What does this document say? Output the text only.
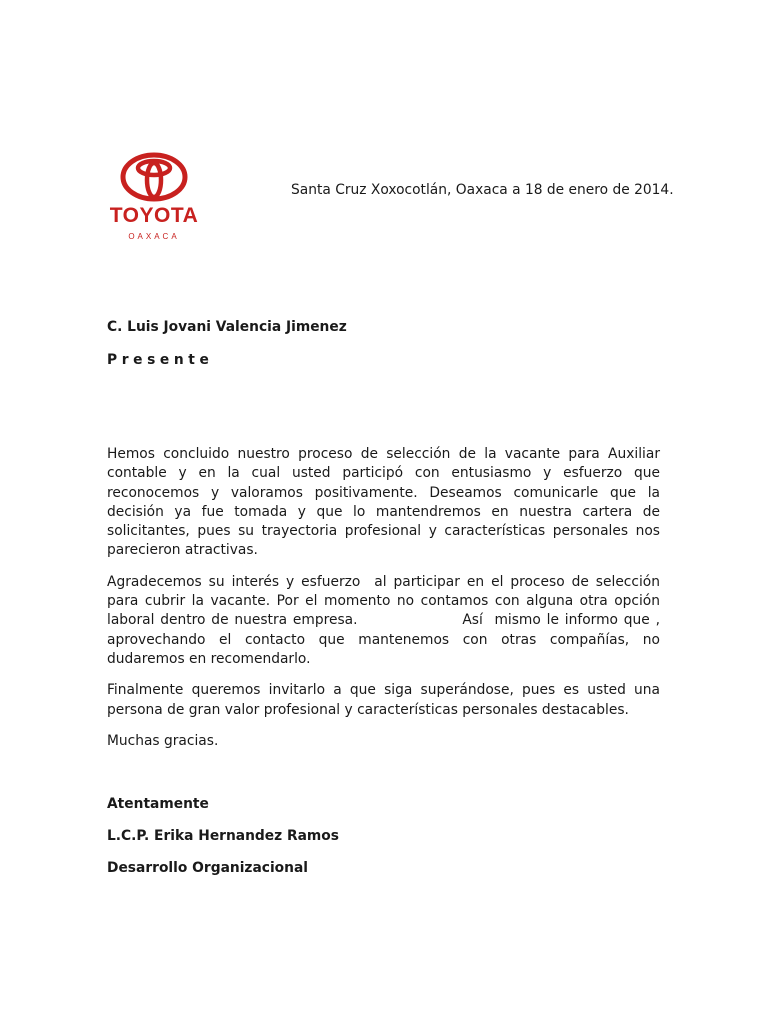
TOYOTA
OAXACA
Santa Cruz Xoxocotlán, Oaxaca a 18 de enero de 2014.
C. Luis Jovani Valencia Jimenez
Presente

Hemos concluido nuestro proceso de selección de la vacante para Auxiliar contable y en la cual usted participó con entusiasmo y esfuerzo que reconocemos y valoramos positivamente. Deseamos comunicarle que la decisión ya fue tomada y que lo mantendremos en nuestra cartera de solicitantes, pues su trayectoria profesional y características personales nos parecieron atractivas.

Agradecemos su interés y esfuerzo  al participar en el proceso de selección para cubrir la vacante. Por el momento no contamos con alguna otra opción laboral dentro de nuestra empresa.                  Así  mismo le informo que , aprovechando el contacto que mantenemos con otras compañías, no dudaremos en recomendarlo.

Finalmente queremos invitarlo a que siga superándose, pues es usted una persona de gran valor profesional y características personales destacables.

Muchas gracias.

Atentamente
L.C.P. Erika Hernandez Ramos
Desarrollo Organizacional
